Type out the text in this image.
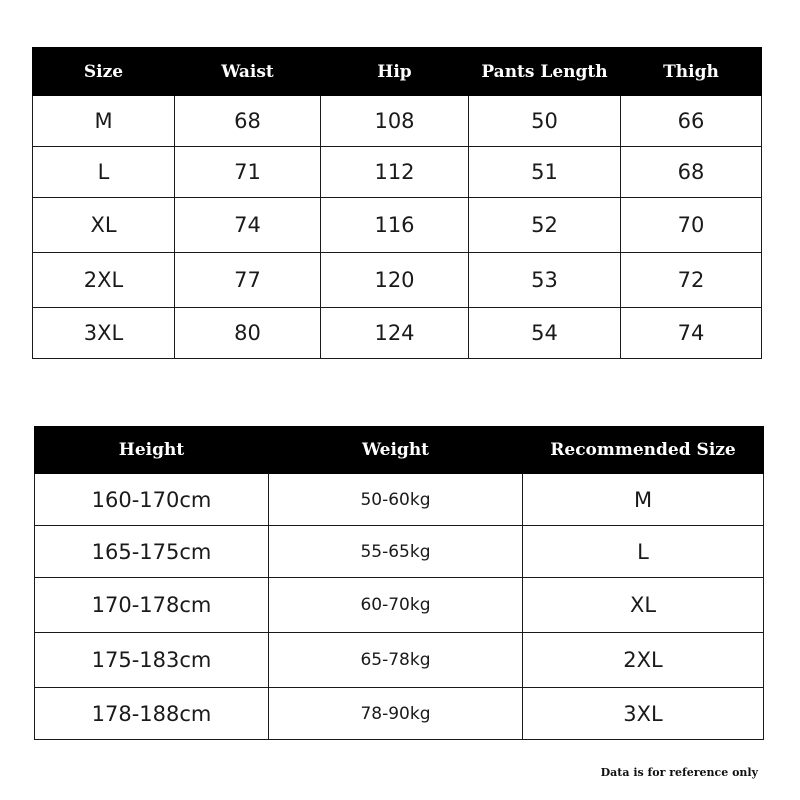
Size	Waist	Hip	Pants Length	Thigh
M	68	108	50	66
L	71	112	51	68
XL	74	116	52	70
2XL	77	120	53	72
3XL	80	124	54	74
Height	Weight	Recommended Size
160-170cm	50-60kg	M
165-175cm	55-65kg	L
170-178cm	60-70kg	XL
175-183cm	65-78kg	2XL
178-188cm	78-90kg	3XL
Data is for reference only
